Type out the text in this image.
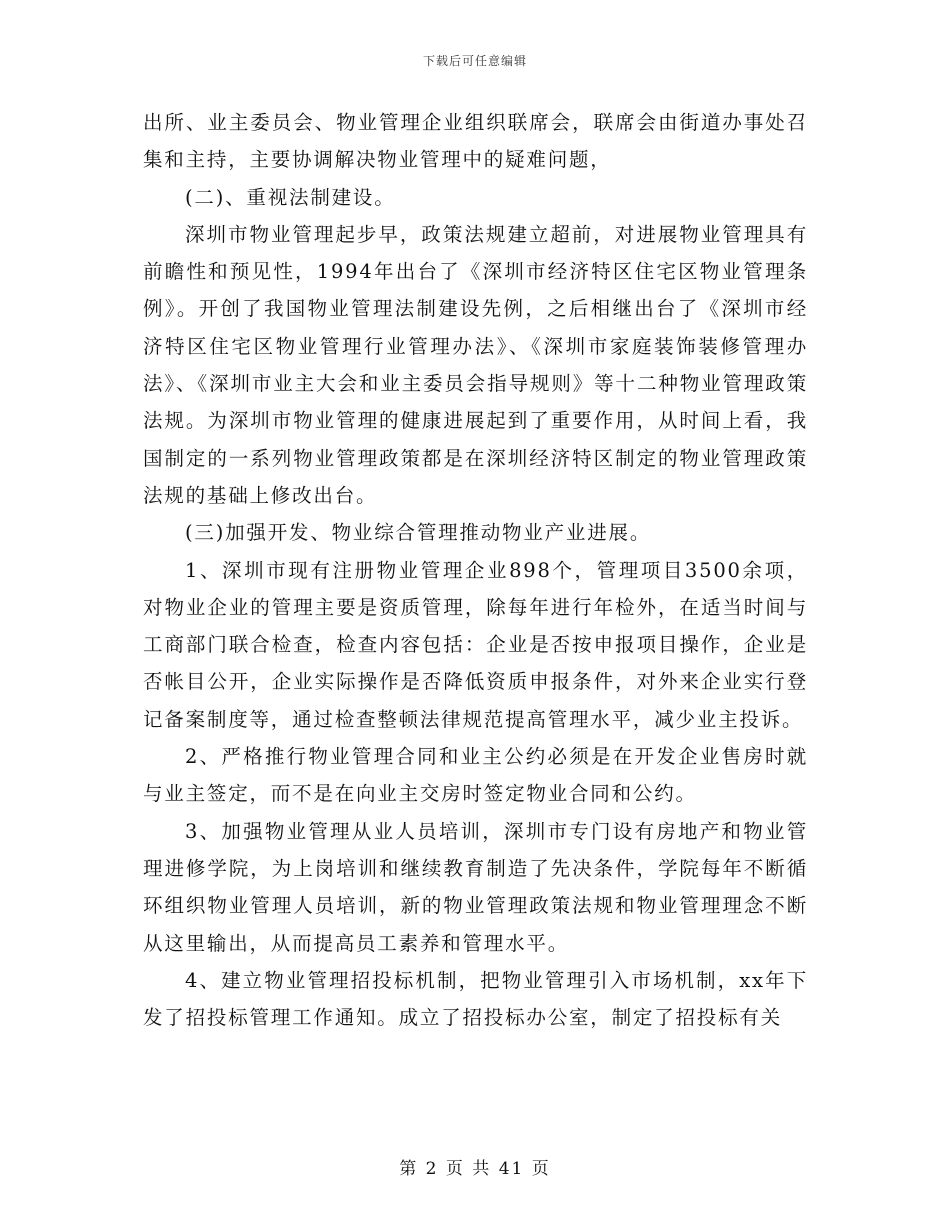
下载后可任意编辑

出所、业主委员会、物业管理企业组织联席会，联席会由街道办事处召集和主持，主要协调解决物业管理中的疑难问题，

(二)、重视法制建设。

深圳市物业管理起步早，政策法规建立超前，对进展物业管理具有前瞻性和预见性，1994年出台了《深圳市经济特区住宅区物业管理条例》。开创了我国物业管理法制建设先例，之后相继出台了《深圳市经济特区住宅区物业管理行业管理办法》、《深圳市家庭装饰装修管理办法》、《深圳市业主大会和业主委员会指导规则》等十二种物业管理政策法规。为深圳市物业管理的健康进展起到了重要作用，从时间上看，我国制定的一系列物业管理政策都是在深圳经济特区制定的物业管理政策法规的基础上修改出台。

(三)加强开发、物业综合管理推动物业产业进展。

1、深圳市现有注册物业管理企业898个，管理项目3500余项，对物业企业的管理主要是资质管理，除每年进行年检外，在适当时间与工商部门联合检查，检查内容包括：企业是否按申报项目操作，企业是否帐目公开，企业实际操作是否降低资质申报条件，对外来企业实行登记备案制度等，通过检查整顿法律规范提高管理水平，减少业主投诉。

2、严格推行物业管理合同和业主公约必须是在开发企业售房时就与业主签定，而不是在向业主交房时签定物业合同和公约。

3、加强物业管理从业人员培训，深圳市专门设有房地产和物业管理进修学院，为上岗培训和继续教育制造了先决条件，学院每年不断循环组织物业管理人员培训，新的物业管理政策法规和物业管理理念不断从这里输出，从而提高员工素养和管理水平。

4、建立物业管理招投标机制，把物业管理引入市场机制，xx年下发了招投标管理工作通知。成立了招投标办公室，制定了招投标有关

第 2 页 共 41 页
